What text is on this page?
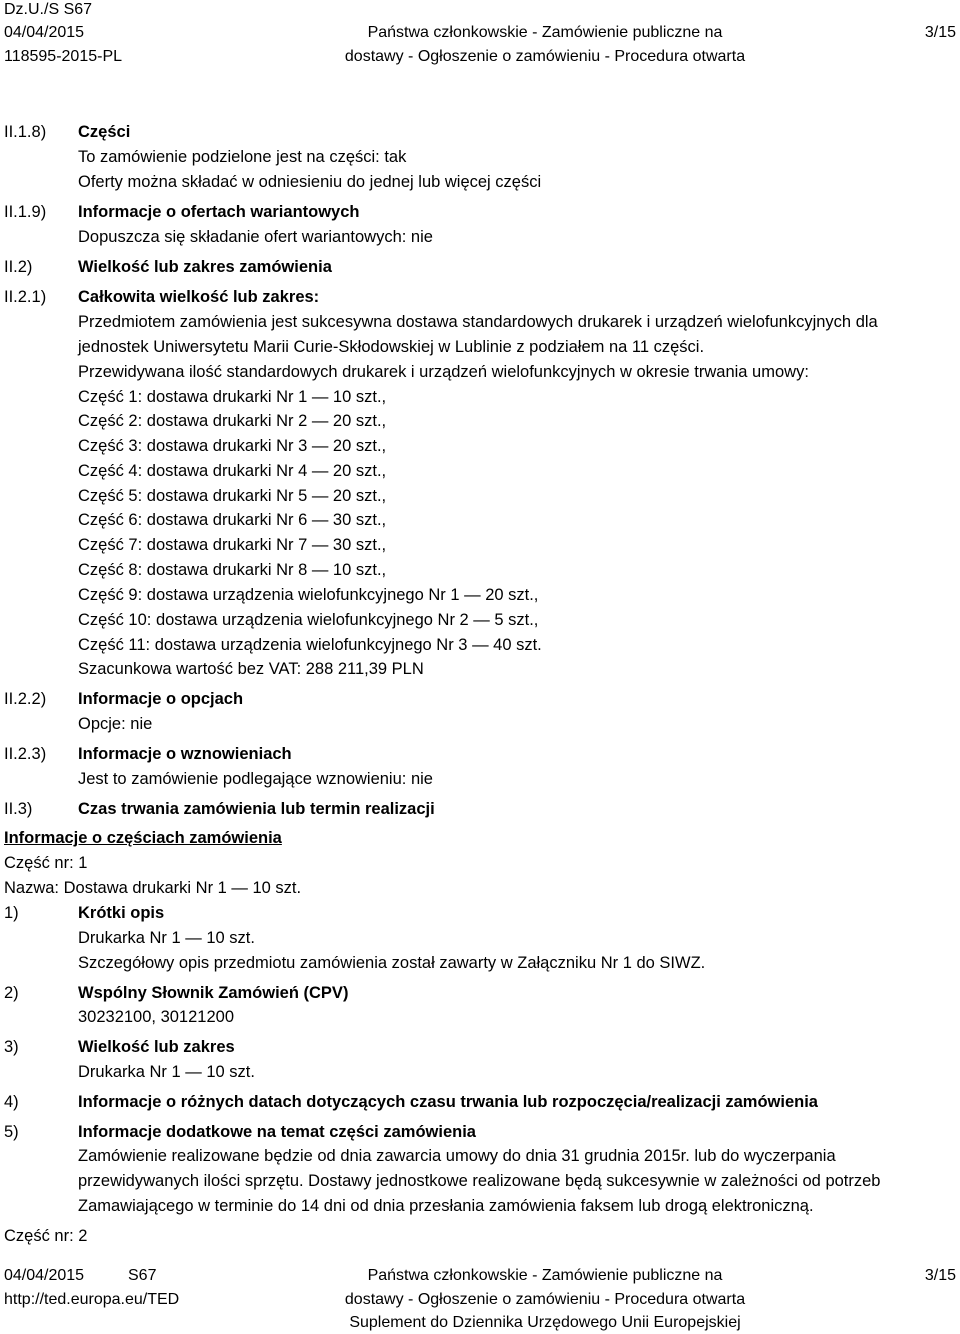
Dz.U./S S67
04/04/2015
118595-2015-PL
Państwa członkowskie - Zamówienie publiczne na
dostawy - Ogłoszenie o zamówieniu - Procedura otwarta
3/15
II.1.8) Części
To zamówienie podzielone jest na części: tak
Oferty można składać w odniesieniu do jednej lub więcej części
II.1.9) Informacje o ofertach wariantowych
Dopuszcza się składanie ofert wariantowych: nie
II.2)	Wielkość lub zakres zamówienia
II.2.1) Całkowita wielkość lub zakres:
Przedmiotem zamówienia jest sukcesywna dostawa standardowych drukarek i urządzeń wielofunkcyjnych dla
jednostek Uniwersytetu Marii Curie-Skłodowskiej w Lublinie z podziałem na 11 części.
Przewidywana ilość standardowych drukarek i urządzeń wielofunkcyjnych w okresie trwania umowy:
Część 1: dostawa drukarki Nr 1 — 10 szt.,
Część 2: dostawa drukarki Nr 2 — 20 szt.,
Część 3: dostawa drukarki Nr 3 — 20 szt.,
Część 4: dostawa drukarki Nr 4 — 20 szt.,
Część 5: dostawa drukarki Nr 5 — 20 szt.,
Część 6: dostawa drukarki Nr 6 — 30 szt.,
Część 7: dostawa drukarki Nr 7 — 30 szt.,
Część 8: dostawa drukarki Nr 8 — 10 szt.,
Część 9: dostawa urządzenia wielofunkcyjnego Nr 1 — 20 szt.,
Część 10: dostawa urządzenia wielofunkcyjnego Nr 2 — 5 szt.,
Część 11: dostawa urządzenia wielofunkcyjnego Nr 3 — 40 szt.
Szacunkowa wartość bez VAT: 288 211,39 PLN
II.2.2) Informacje o opcjach
Opcje: nie
II.2.3) Informacje o wznowieniach
Jest to zamówienie podlegające wznowieniu: nie
II.3)	Czas trwania zamówienia lub termin realizacji
Informacje o częściach zamówienia
Część nr: 1
Nazwa: Dostawa drukarki Nr 1 — 10 szt.
1)	Krótki opis
Drukarka Nr 1 — 10 szt.
Szczegółowy opis przedmiotu zamówienia został zawarty w Załączniku Nr 1 do SIWZ.
2)	Wspólny Słownik Zamówień (CPV)
30232100, 30121200
3)	Wielkość lub zakres
Drukarka Nr 1 — 10 szt.
4)	Informacje o różnych datach dotyczących czasu trwania lub rozpoczęcia/realizacji zamówienia
5)	Informacje dodatkowe na temat części zamówienia
Zamówienie realizowane będzie od dnia zawarcia umowy do dnia 31 grudnia 2015r. lub do wyczerpania
przewidywanych ilości sprzętu. Dostawy jednostkowe realizowane będą sukcesywnie w zależności od potrzeb
Zamawiającego w terminie do 14 dni od dnia przesłania zamówienia faksem lub drogą elektroniczną.
Część nr: 2
04/04/2015	S67
http://ted.europa.eu/TED
Państwa członkowskie - Zamówienie publiczne na
dostawy - Ogłoszenie o zamówieniu - Procedura otwarta
Suplement do Dziennika Urzędowego Unii Europejskiej
3/15
